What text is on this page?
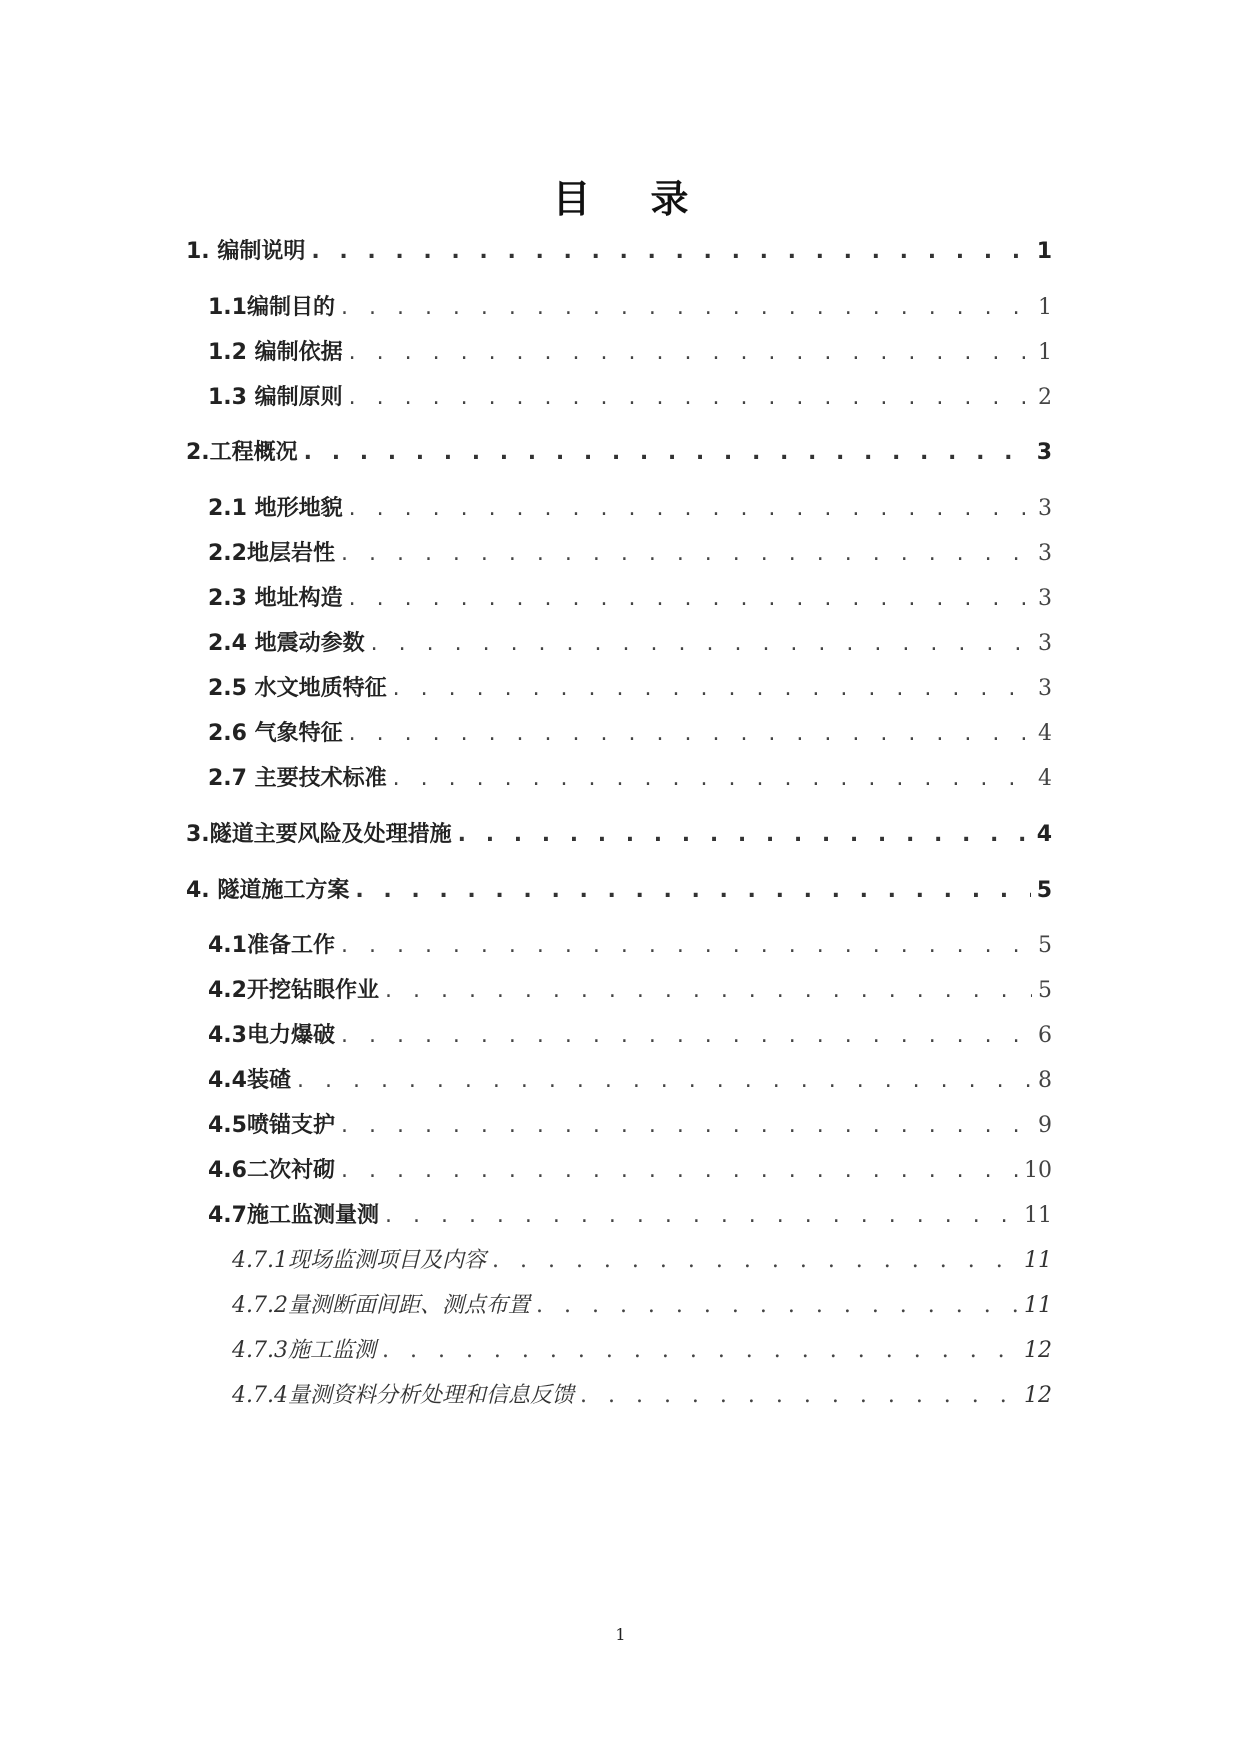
目 录
1. 编制说明 . . .	1
1.1编制目的 . . .	1
1.2 编制依据 . . .	1
1.3 编制原则 . . .	2
2.工程概况 . . .	3
2.1 地形地貌 . . .	3
2.2地层岩性 . . .	3
2.3 地址构造 . . .	3
2.4 地震动参数 . . .	3
2.5 水文地质特征 . . .	3
2.6 气象特征 . . .	4
2.7 主要技术标准 . . .	4
3.隧道主要风险及处理措施 . . .	4
4. 隧道施工方案 . . .	5
4.1准备工作 . . .	5
4.2开挖钻眼作业 . . .	5
4.3电力爆破 . . .	6
4.4装碴 . . .	8
4.5喷锚支护 . . .	9
4.6二次衬砌 . . .	10
4.7施工监测量测 . . .	11
4.7.1现场监测项目及内容 . . .	11
4.7.2量测断面间距、测点布置 . . .	11
4.7.3施工监测 . . .	12
4.7.4量测资料分析处理和信息反馈 . . .	12
1
